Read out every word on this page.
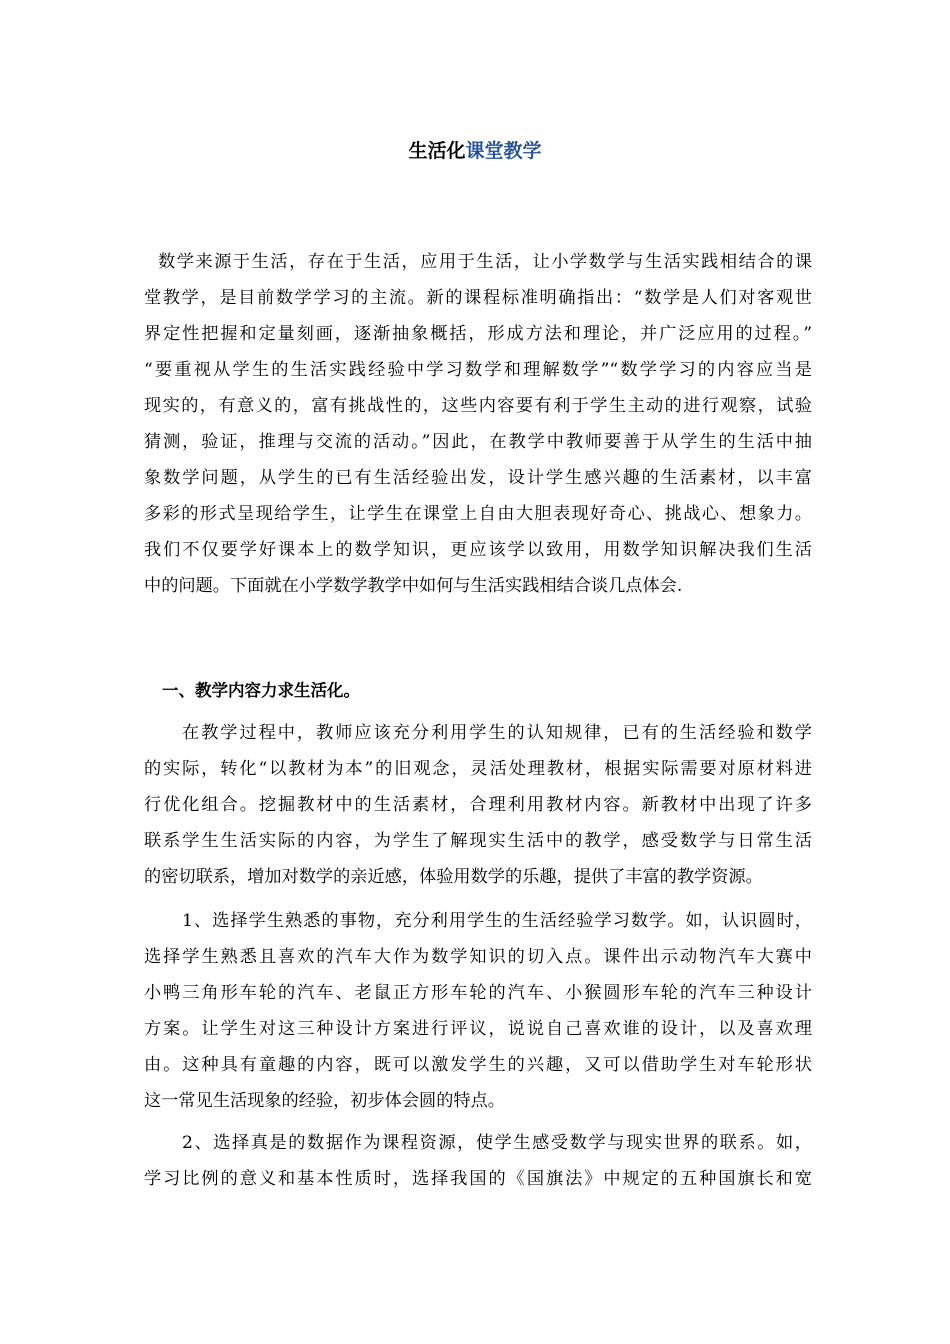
生活化课堂教学
数学来源于生活，存在于生活，应用于生活，让小学数学与生活实践相结合的课
堂教学，是目前数学学习的主流。新的课程标准明确指出：“数学是人们对客观世
界定性把握和定量刻画，逐渐抽象概括，形成方法和理论，并广泛应用的过程。”
“要重视从学生的生活实践经验中学习数学和理解数学”“数学学习的内容应当是
现实的，有意义的，富有挑战性的，这些内容要有利于学生主动的进行观察，试验
猜测，验证，推理与交流的活动。”因此，在教学中教师要善于从学生的生活中抽
象数学问题，从学生的已有生活经验出发，设计学生感兴趣的生活素材，以丰富
多彩的形式呈现给学生，让学生在课堂上自由大胆表现好奇心、挑战心、想象力。
我们不仅要学好课本上的数学知识，更应该学以致用，用数学知识解决我们生活
中的问题。下面就在小学数学教学中如何与生活实践相结合谈几点体会.
一、教学内容力求生活化。
在教学过程中，教师应该充分利用学生的认知规律，已有的生活经验和数学
的实际，转化“以教材为本”的旧观念，灵活处理教材，根据实际需要对原材料进
行优化组合。挖掘教材中的生活素材，合理利用教材内容。新教材中出现了许多
联系学生生活实际的内容，为学生了解现实生活中的教学，感受数学与日常生活
的密切联系，增加对数学的亲近感，体验用数学的乐趣，提供了丰富的教学资源。
1、选择学生熟悉的事物，充分利用学生的生活经验学习数学。如，认识圆时，
选择学生熟悉且喜欢的汽车大作为数学知识的切入点。课件出示动物汽车大赛中
小鸭三角形车轮的汽车、老鼠正方形车轮的汽车、小猴圆形车轮的汽车三种设计
方案。让学生对这三种设计方案进行评议，说说自己喜欢谁的设计，以及喜欢理
由。这种具有童趣的内容，既可以激发学生的兴趣，又可以借助学生对车轮形状
这一常见生活现象的经验，初步体会圆的特点。
2、选择真是的数据作为课程资源，使学生感受数学与现实世界的联系。如，
学习比例的意义和基本性质时，选择我国的《国旗法》中规定的五种国旗长和宽
